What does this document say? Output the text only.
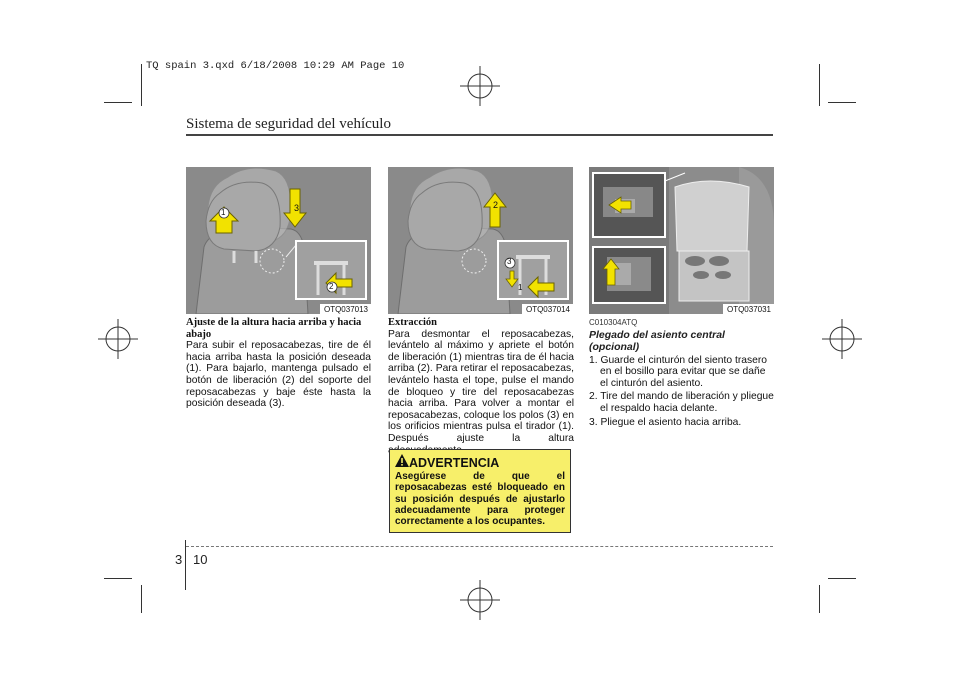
TQ spain 3.qxd 6/18/2008 10:29 AM Page 10
Sistema de seguridad del vehículo
1	3
2
OTQ037013
2
3
1
OTQ037014	OTQ037031

Ajuste de la altura hacia arriba y hacia abajo

Para subir el reposacabezas, tire de él hacia arriba hasta la posición deseada (1). Para bajarlo, mantenga pulsado el botón de liberación (2) del soporte del reposacabezas y baje éste hasta la posición deseada (3).

Extracción

Para desmontar el reposacabezas, levántelo al máximo y apriete el botón de liberación (1) mientras tira de él hacia arriba (2). Para retirar el reposacabezas, levántelo hasta el tope, pulse el mando de bloqueo y tire del reposacabezas hacia arriba. Para volver a montar el reposacabezas, coloque los polos (3) en los orificios mientras pulsa el tirador (1). Después ajuste la altura

C010304ATQ

Plegado del asiento central (opcional)

1. Guarde el cinturón del siento trasero en el bosillo para evitar que se dañe el cinturón del asiento.
2. Tire del mando de liberación y pliegue el respaldo hacia delante.
3. Pliegue el asiento hacia arriba.
ADVERTENCIA
Asegúrese de que el reposacabezas esté bloqueado en su posición después de ajustarlo adecuadamente para proteger correctamente a los ocupantes.
3 10
